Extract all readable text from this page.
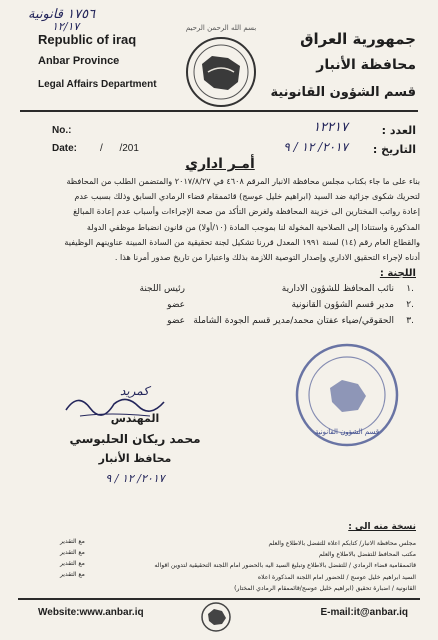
١٧٥٦ قانونية
١٢/١٧
Republic of iraq
Anbar Province
Legal Affairs Department
جمهورية العراق
محافظة الأنبار
قسم الشؤون القانونية
بسم الله الرحمن الرحيم
No.:
Date: /      /201
العدد :
١٢٢١٧
التاريخ :
٢٠١٧/ ١٢ / ٩
أمـر اداري
بناء على ما جاء بكتاب مجلس محافظة الانبار المرقم ٤٦٠٨ في ٢٠١٧/٨/٢٧ والمتضمن الطلب من المحافظة
لتحريك شكوى جزائية ضد السيد (ابراهيم خليل عوسج) قائممقام قضاء الرمادي السابق وذلك بسبب عدم
إعادة رواتب المختارين الى خزينة المحافظة ولغرض التأكد من صحة الإجراءات وأسباب عدم إعادة المبالغ
المذكورة واستنادا إلى الصلاحية المخولة لنا بموجب المادة (١٠/أولا) من قانون انضباط موظفي الدولة
والقطاع العام رقم (١٤) لسنة ١٩٩١ المعدل قررنا تشكيل لجنة تحقيقية من السادة المبينة عناوينهم الوظيفية
أدناه لإجراء التحقيق الاداري وإصدار التوصية اللازمة بذلك واعتبارا من تاريخ صدور أمرنا هذا .
اللجنة :
.١
نائب المحافظ للشؤون الادارية
رئيس اللجنة
.٢
مدير قسم الشؤون القانونية
عضو
.٣
الحقوقي/ضياء عفتان محمد/مدير قسم الجودة الشاملة
عضو
قسم الشؤون القانونية
كمريد
المهندس
محمد ريكان الحلبوسي
محافظ الأنبار
٢٠١٧/ ١٢ / ٩
نسخة منه الى :
مجلس محافظة الانبار/ كتابكم اعلاه للتفضل بالاطلاع والعلم
مكتب المحافظ للتفضل بالاطلاع والعلم
قائممقامية قضاء الرمادي / للتفضل بالاطلاع وتبليغ السيد اليه بالحضور امام اللجنة التحقيقية لتدوين اقواله
السيد ابراهيم خليل عوسج / للحضور امام اللجنة المذكورة اعلاه
القانونية / اضبارة تحقيق (ابراهيم خليل عوسج/قائممقام الرمادي المختار)
مع التقدير
مع التقدير
مع التقدير
مع التقدير
Website:www.anbar.iq	E-mail:it@anbar.iq
